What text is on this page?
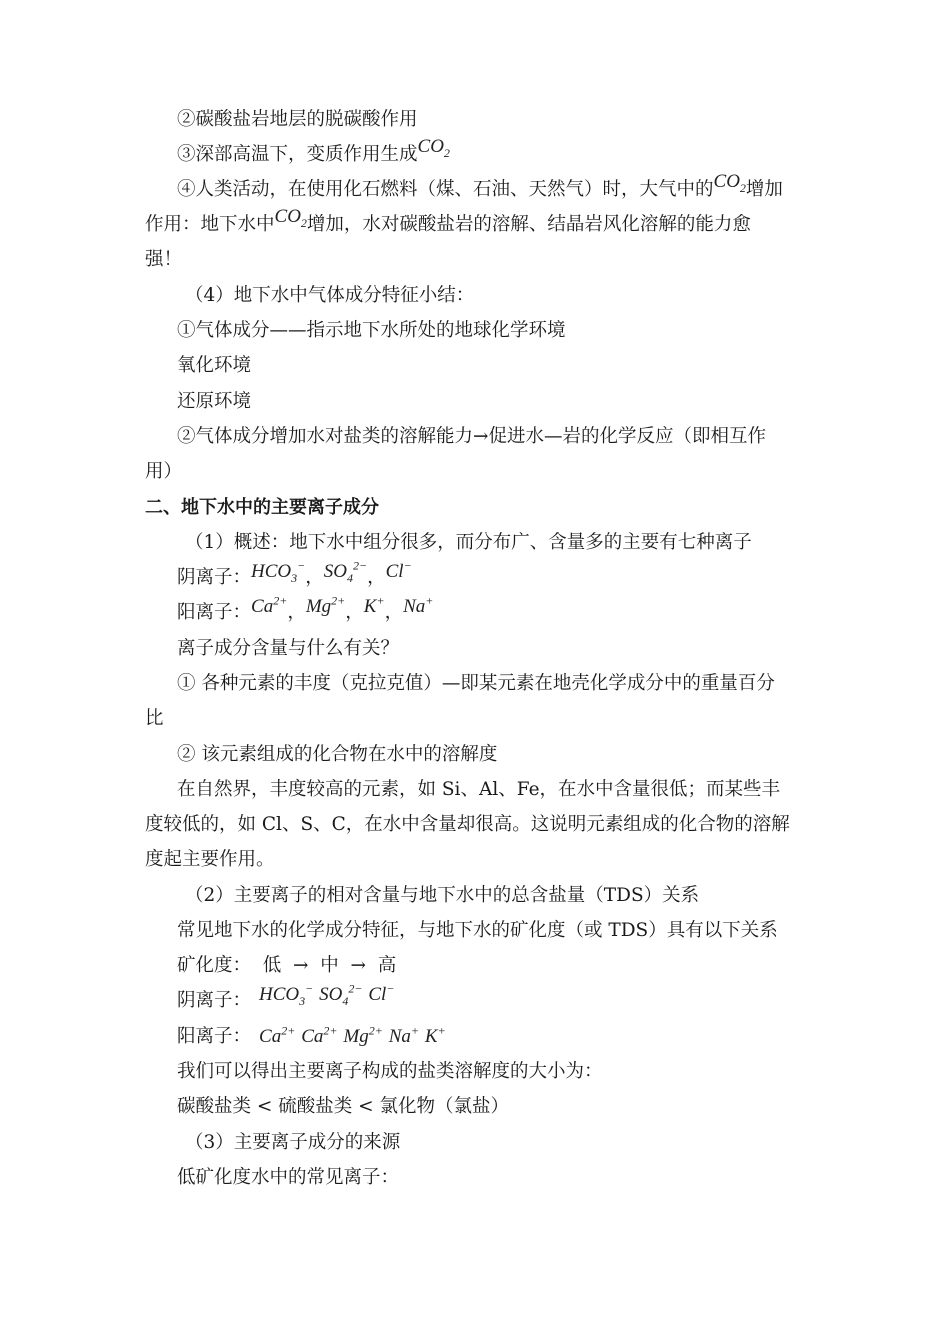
②碳酸盐岩地层的脱碳酸作用
③深部高温下，变质作用生成$CO_2$
④人类活动，在使用化石燃料（煤、石油、天然气）时，大气中的$CO_2$增加
作用：地下水中$CO_2$增加，水对碳酸盐岩的溶解、结晶岩风化溶解的能力愈
强！
（4）地下水中气体成分特征小结：
①气体成分——指示地下水所处的地球化学环境
氧化环境
还原环境
②气体成分增加水对盐类的溶解能力→促进水—岩的化学反应（即相互作
用）
二、地下水中的主要离子成分
（1）概述：地下水中组分很多，而分布广、含量多的主要有七种离子
阴离子：$HCO_3^-$，$SO_4^{2-}$，Cl−
阳离子：$Ca^{2+}$，$Mg^{2+}$，K+，Na+
离子成分含量与什么有关？
① 各种元素的丰度（克拉克值）—即某元素在地壳化学成分中的重量百分
比
② 该元素组成的化合物在水中的溶解度
在自然界，丰度较高的元素，如 Si、Al、Fe，在水中含量很低；而某些丰
度较低的，如 Cl、S、C，在水中含量却很高。这说明元素组成的化合物的溶解
度起主要作用。
（2）主要离子的相对含量与地下水中的总含盐量（TDS）关系
常见地下水的化学成分特征，与地下水的矿化度（或 TDS）具有以下关系
矿化度：  低  →  中  →  高
阴离子： $HCO_3^-$ $SO_4^{2-}$ Cl−
阳离子： $Ca^{2+}$ $Ca^{2+}$ $Mg^{2+}$ Na+ K+
我们可以得出主要离子构成的盐类溶解度的大小为：
碳酸盐类 < 硫酸盐类 < 氯化物（氯盐）
（3）主要离子成分的来源
低矿化度水中的常见离子：
